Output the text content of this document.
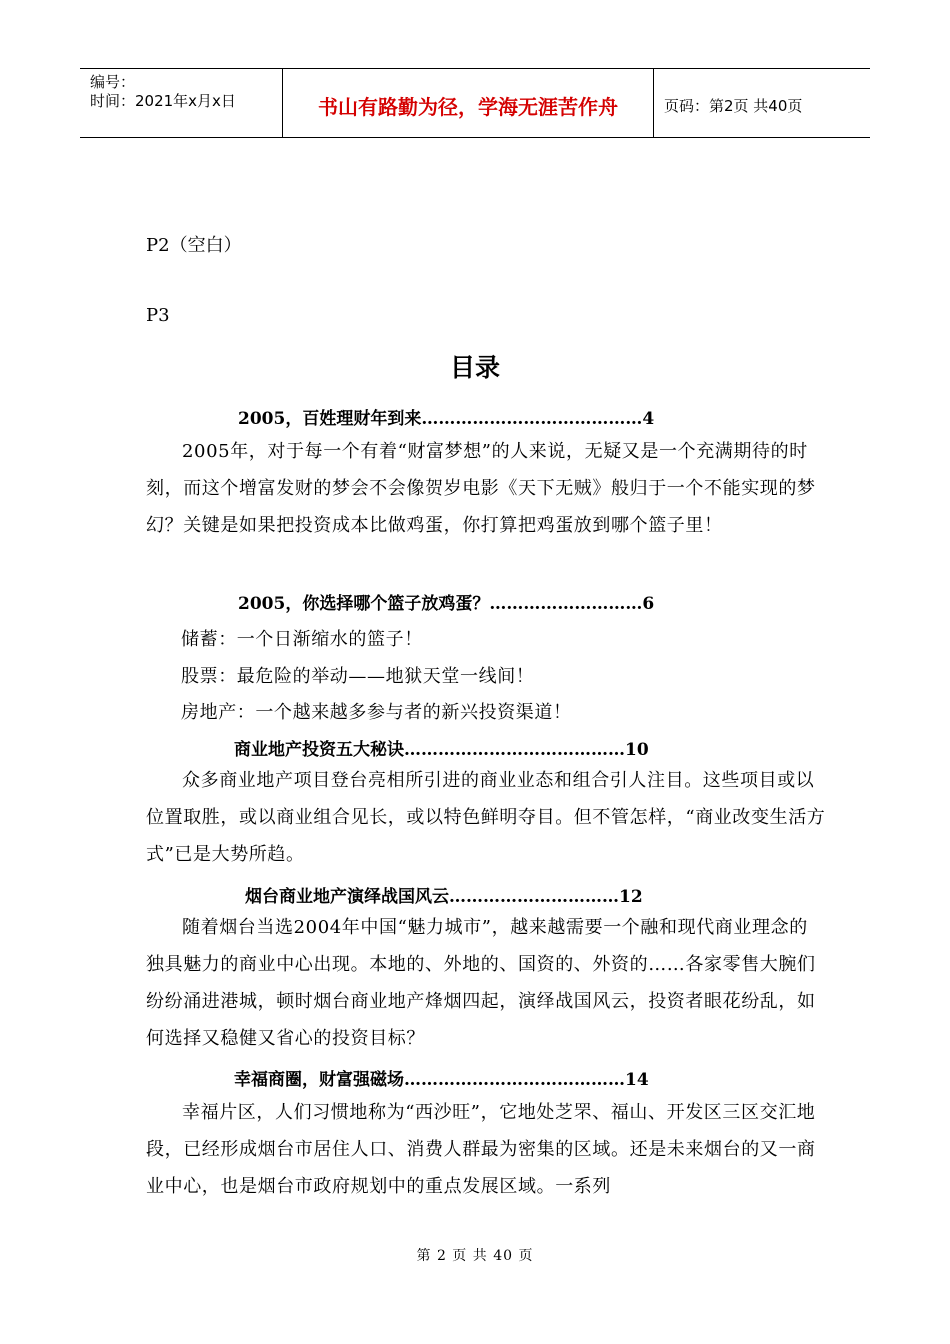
编号：
时间：2021年x月x日	书山有路勤为径，学海无涯苦作舟	页码：第2页 共40页
P2（空白）
P3
目录
2005，百姓理财年到来…………………………………4
2005年，对于每一个有着“财富梦想”的人来说，无疑又是一个充满期待的时刻，而这个增富发财的梦会不会像贺岁电影《天下无贼》般归于一个不能实现的梦幻？关键是如果把投资成本比做鸡蛋，你打算把鸡蛋放到哪个篮子里！
2005，你选择哪个篮子放鸡蛋？………………………6
储蓄：一个日渐缩水的篮子！
股票：最危险的举动——地狱天堂一线间！
房地产：一个越来越多参与者的新兴投资渠道！
商业地产投资五大秘诀…………………………………10
众多商业地产项目登台亮相所引进的商业业态和组合引人注目。这些项目或以位置取胜，或以商业组合见长，或以特色鲜明夺目。但不管怎样，“商业改变生活方式”已是大势所趋。
烟台商业地产演绎战国风云…………………………12
随着烟台当选2004年中国“魅力城市”，越来越需要一个融和现代商业理念的独具魅力的商业中心出现。本地的、外地的、国资的、外资的……各家零售大腕们纷纷涌进港城，顿时烟台商业地产烽烟四起，演绎战国风云，投资者眼花纷乱，如何选择又稳健又省心的投资目标？
幸福商圈，财富强磁场…………………………………14
幸福片区，人们习惯地称为“西沙旺”，它地处芝罘、福山、开发区三区交汇地段，已经形成烟台市居住人口、消费人群最为密集的区域。还是未来烟台的又一商业中心，也是烟台市政府规划中的重点发展区域。一系列
第 2 页 共 40 页
